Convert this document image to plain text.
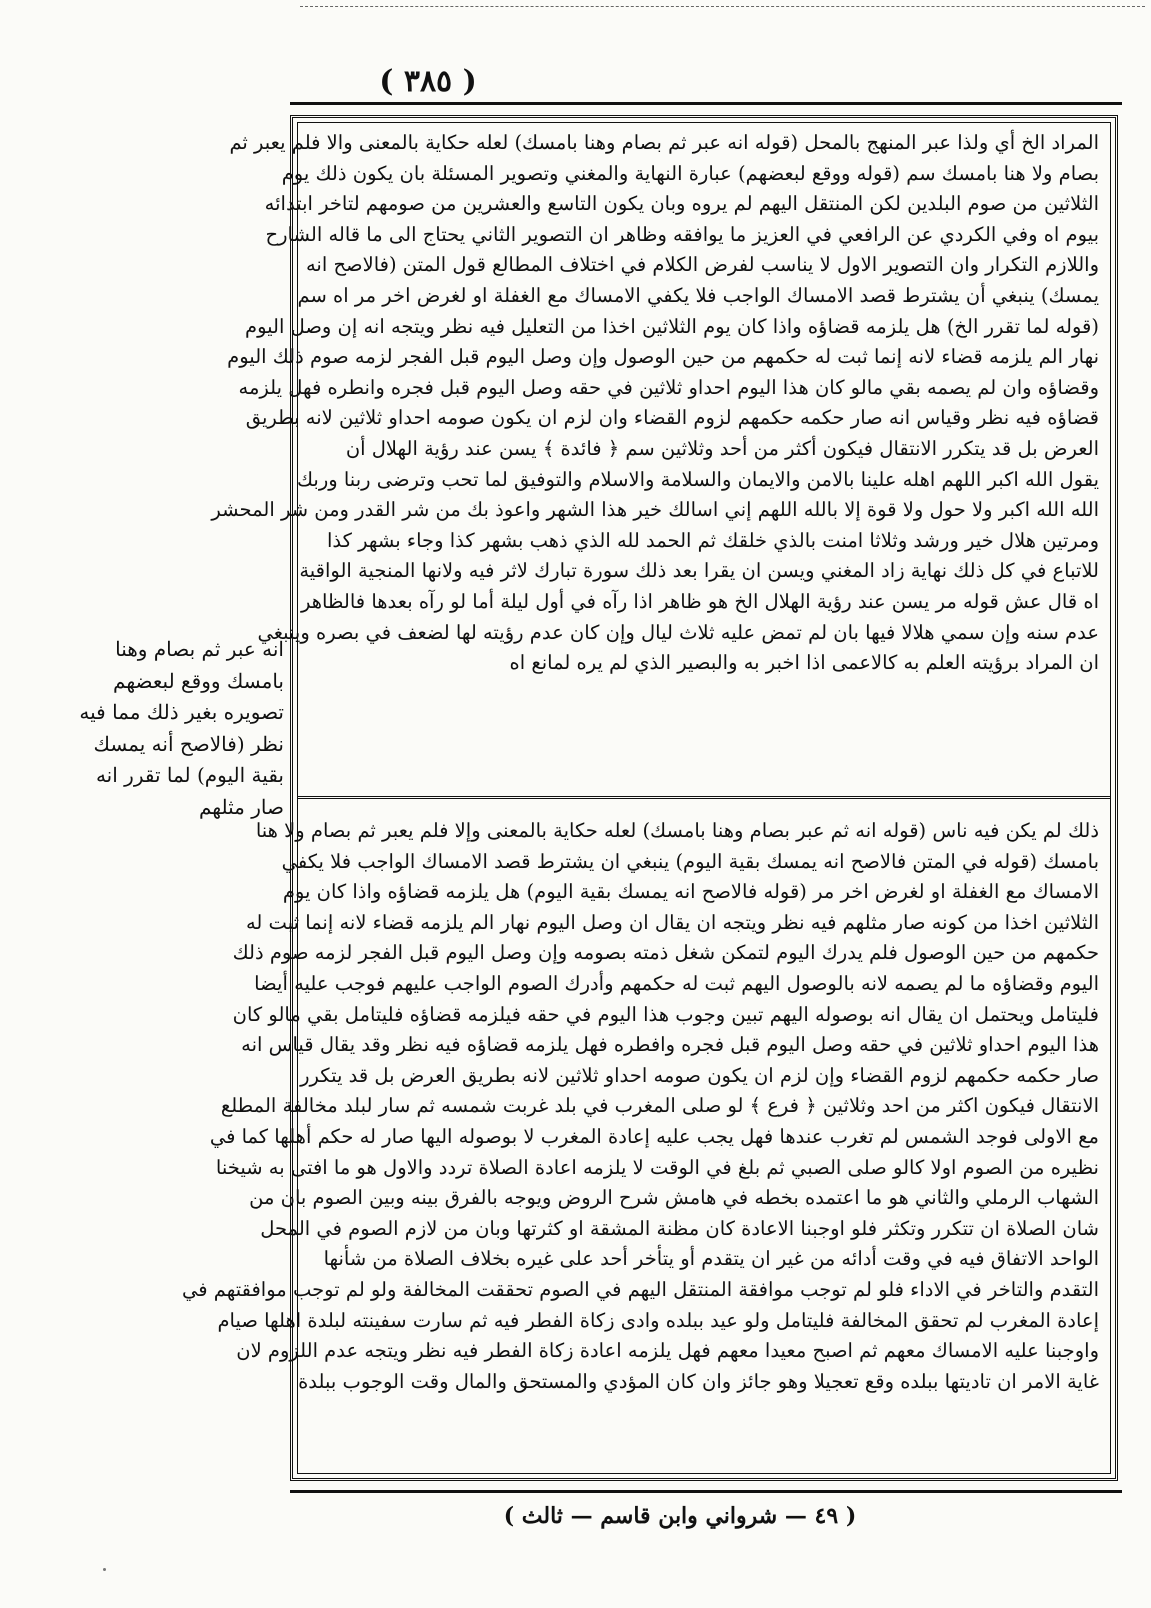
( ٣٨٥ )

المراد الخ أي ولذا عبر المنهج بالمحل (قوله انه عبر ثم بصام وهنا بامسك) لعله حكاية بالمعنى والا فلم يعبر ثم

بصام ولا هنا بامسك سم (قوله ووقع لبعضهم) عبارة النهاية والمغني وتصوير المسئلة بان يكون ذلك يوم

الثلاثين من صوم البلدين لكن المنتقل اليهم لم يروه وبان يكون التاسع والعشرين من صومهم لتاخر ابتدائه

بيوم اه وفي الكردي عن الرافعي في العزيز ما يوافقه وظاهر ان التصوير الثاني يحتاج الى ما قاله الشارح

واللازم التكرار وان التصوير الاول لا يناسب لفرض الكلام في اختلاف المطالع قول المتن (فالاصح انه

يمسك) ينبغي أن يشترط قصد الامساك الواجب فلا يكفي الامساك مع الغفلة او لغرض اخر مر اه سم

(قوله لما تقرر الخ) هل يلزمه قضاؤه واذا كان يوم الثلاثين اخذا من التعليل فيه نظر ويتجه انه إن وصل اليوم

نهار الم يلزمه قضاء لانه إنما ثبت له حكمهم من حين الوصول وإن وصل اليوم قبل الفجر لزمه صوم ذلك اليوم

وقضاؤه وان لم يصمه بقي مالو كان هذا اليوم احداو ثلاثين في حقه وصل اليوم قبل فجره وانطره فهل يلزمه

قضاؤه فيه نظر وقياس انه صار حكمه حكمهم لزوم القضاء وان لزم ان يكون صومه احداو ثلاثين لانه بطريق

العرض بل قد يتكرر الانتقال فيكون أكثر من أحد وثلاثين سم ﴿ فائدة ﴾ يسن عند رؤية الهلال أن

يقول الله اكبر اللهم اهله علينا بالامن والايمان والسلامة والاسلام والتوفيق لما تحب وترضى ربنا وربك

الله الله اكبر ولا حول ولا قوة إلا بالله اللهم إني اسالك خير هذا الشهر واعوذ بك من شر القدر ومن شر المحشر

ومرتين هلال خير ورشد وثلاثا امنت بالذي خلقك ثم الحمد لله الذي ذهب بشهر كذا وجاء بشهر كذا

للاتباع في كل ذلك نهاية زاد المغني ويسن ان يقرا بعد ذلك سورة تبارك لاثر فيه ولانها المنجية الواقية

اه قال عش قوله مر يسن عند رؤية الهلال الخ هو ظاهر اذا رآه في أول ليلة أما لو رآه بعدها فالظاهر

عدم سنه وإن سمي هلالا فيها بان لم تمض عليه ثلاث ليال وإن كان عدم رؤيته لها لضعف في بصره وينبغي

ان المراد برؤيته العلم به كالاعمى اذا اخبر به والبصير الذي لم يره لمانع اه

ذلك لم يكن فيه ناس (قوله انه ثم عبر بصام وهنا بامسك) لعله حكاية بالمعنى وإلا فلم يعبر ثم بصام ولا هنا

بامسك (قوله في المتن فالاصح انه يمسك بقية اليوم) ينبغي ان يشترط قصد الامساك الواجب فلا يكفي

الامساك مع الغفلة او لغرض اخر مر (قوله فالاصح انه يمسك بقية اليوم) هل يلزمه قضاؤه واذا كان يوم

الثلاثين اخذا من كونه صار مثلهم فيه نظر ويتجه ان يقال ان وصل اليوم نهار الم يلزمه قضاء لانه إنما ثبت له

حكمهم من حين الوصول فلم يدرك اليوم لتمكن شغل ذمته بصومه وإن وصل اليوم قبل الفجر لزمه صوم ذلك

اليوم وقضاؤه ما لم يصمه لانه بالوصول اليهم ثبت له حكمهم وأدرك الصوم الواجب عليهم فوجب عليه أيضا

فليتامل ويحتمل ان يقال انه بوصوله اليهم تبين وجوب هذا اليوم في حقه فيلزمه قضاؤه فليتامل بقي مالو كان

هذا اليوم احداو ثلاثين في حقه وصل اليوم قبل فجره وافطره فهل يلزمه قضاؤه فيه نظر وقد يقال قياس انه

صار حكمه حكمهم لزوم القضاء وإن لزم ان يكون صومه احداو ثلاثين لانه بطريق العرض بل قد يتكرر

الانتقال فيكون اكثر من احد وثلاثين ﴿ فرع ﴾ لو صلى المغرب في بلد غربت شمسه ثم سار لبلد مخالفة المطلع

مع الاولى فوجد الشمس لم تغرب عندها فهل يجب عليه إعادة المغرب لا بوصوله اليها صار له حكم أهلها كما في

نظيره من الصوم اولا كالو صلى الصبي ثم بلغ في الوقت لا يلزمه اعادة الصلاة تردد والاول هو ما افتى به شيخنا

الشهاب الرملي والثاني هو ما اعتمده بخطه في هامش شرح الروض ويوجه بالفرق بينه وبين الصوم بان من

شان الصلاة ان تتكرر وتكثر فلو اوجبنا الاعادة كان مظنة المشقة او كثرتها وبان من لازم الصوم في المحل

الواحد الاتفاق فيه في وقت أدائه من غير ان يتقدم أو يتأخر أحد على غيره بخلاف الصلاة من شأنها

التقدم والتاخر في الاداء فلو لم توجب موافقة المنتقل اليهم في الصوم تحققت المخالفة ولو لم توجب موافقتهم في

إعادة المغرب لم تحقق المخالفة فليتامل ولو عيد ببلده وادى زكاة الفطر فيه ثم سارت سفينته لبلدة اهلها صيام

واوجبنا عليه الامساك معهم ثم اصبح معيدا معهم فهل يلزمه اعادة زكاة الفطر فيه نظر ويتجه عدم اللزوم لان

غاية الامر ان تاديتها ببلده وقع تعجيلا وهو جائز وان كان المؤدي والمستحق والمال وقت الوجوب ببلدة

انه عبر ثم بصام وهنا

بامسك ووقع لبعضهم

تصويره بغير ذلك مما فيه

نظر (فالاصح أنه يمسك

بقية اليوم) لما تقرر انه

صار مثلهم

( ٤٩ — شرواني وابن قاسم — ثالث )
